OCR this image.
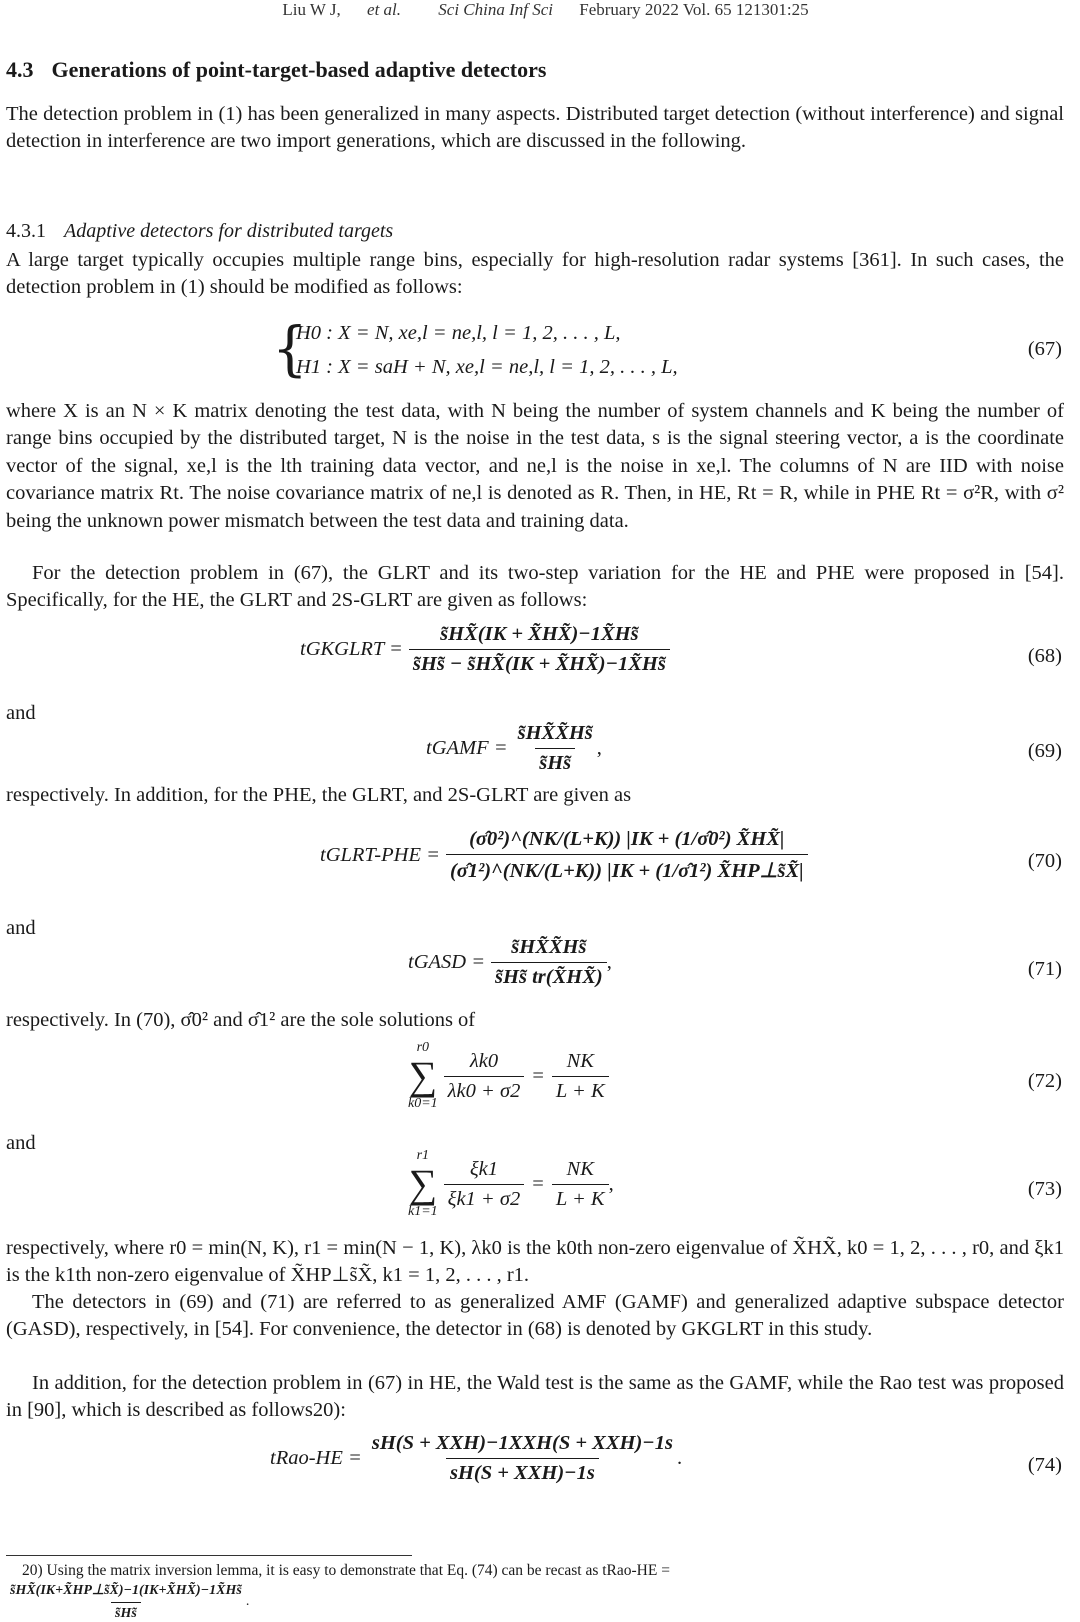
Liu W J, et al. Sci China Inf Sci February 2022 Vol. 65 121301:25
4.3 Generations of point-target-based adaptive detectors

The detection problem in (1) has been generalized in many aspects. Distributed target detection (without interference) and signal detection in interference are two import generations, which are discussed in the following.

4.3.1 Adaptive detectors for distributed targets

A large target typically occupies multiple range bins, especially for high-resolution radar systems [361]. In such cases, the detection problem in (1) should be modified as follows:

{
H0 : X = N, xe,l = ne,l, l = 1, 2, . . . , L,
H1 : X = saH + N, xe,l = ne,l, l = 1, 2, . . . , L,
(67)

where X is an N × K matrix denoting the test data, with N being the number of system channels and K being the number of range bins occupied by the distributed target, N is the noise in the test data, s is the signal steering vector, a is the coordinate vector of the signal, xe,l is the lth training data vector, and ne,l is the noise in xe,l. The columns of N are IID with noise covariance matrix Rt. The noise covariance matrix of ne,l is denoted as R. Then, in HE, Rt = R, while in PHE Rt = σ²R, with σ² being the unknown power mismatch between the test data and training data.

For the detection problem in (67), the GLRT and its two-step variation for the HE and PHE were proposed in [54]. Specifically, for the HE, the GLRT and 2S-GLRT are given as follows:

tGKGLRT = $\frac{s̃HX̃(IK + X̃HX̃)-1X̃Hs̃}{s̃Hs̃ - s̃HX̃(IK + X̃HX̃)-1X̃Hs̃}$	(68)

and

tGAMF = $\frac{s̃HX̃X̃Hs̃}{s̃Hs̃}$ ,	(69)

respectively. In addition, for the PHE, the GLRT, and 2S-GLRT are given as

tGLRT-PHE = $\frac{\text{(σ̂0²)\textasciicircum{}(NK/(L+K)) |IK + (1/σ̂0²) X̃HX̃|}}{\text{(σ̂1²)\textasciicircum{}(NK/(L+K)) |IK + (1/σ̂1²) X̃HP⊥s̃X̃|}}$	(70)

and

tGASD = $\frac{s̃HX̃X̃Hs̃}{s̃Hs̃ tr(X̃HX̃)}$ ,	(71)

respectively. In (70), σ̂0² and σ̂1² are the sole solutions of

r0
∑
k0=1
$\frac{\lambda k0}{\lambda k0 + \sigma 2} = \frac{NK}{L + K}$	(72)

and

r1
∑
k1=1
$\frac{\xi k1}{\xi k1 + \sigma 2} = \frac{NK}{L + K}$ ,	(73)

respectively, where r0 = min(N, K), r1 = min(N − 1, K), λk0 is the k0th non-zero eigenvalue of X̃HX̃, k0 = 1, 2, . . . , r0, and ξk1 is the k1th non-zero eigenvalue of X̃HP⊥s̃X̃, k1 = 1, 2, . . . , r1.

The detectors in (69) and (71) are referred to as generalized AMF (GAMF) and generalized adaptive subspace detector (GASD), respectively, in [54]. For convenience, the detector in (68) is denoted by GKGLRT in this study.

In addition, for the detection problem in (67) in HE, the Wald test is the same as the GAMF, while the Rao test was proposed in [90], which is described as follows20):

tRao-HE = $\frac{\text{sH(S + XXH)−1XXH(S + XXH)−1s}}{\text{sH(S + XXH)−1s}}$ .	(74)
20) Using the matrix inversion lemma, it is easy to demonstrate that Eq. (74) can be recast as tRao-HE =
$\frac{s̃HX̃(IK+X̃HP\perp s̃X̃)-1(IK+X̃HX̃)-1X̃Hs̃}{s̃Hs̃}$ .
